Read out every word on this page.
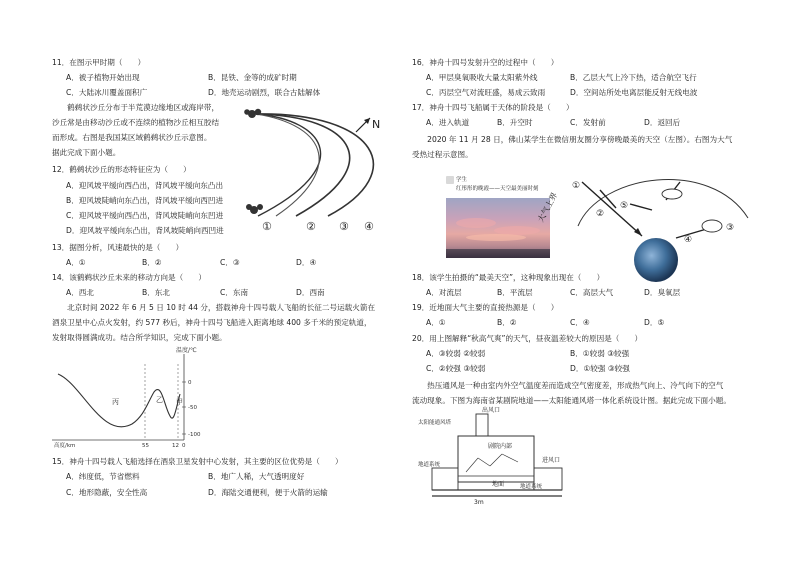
11．在图示甲时期（　　）
A．被子植物开始出现	B．昆铁、金等的成矿时期
C．大陆冰川覆盖面积广	D．地壳运动剧烈，联合古陆解体
　　鹤鹈状沙丘分布于半荒漠边缘地区或海岸带，
沙丘常是由移动沙丘或不连续的植物沙丘相互胶结
而形成。右图是我国某区域鹤鹈状沙丘示意图。
据此完成下面小题。
12．鹤鹈状沙丘的形态特征应为（　　）
A．迎风坡平缓向西凸出，背风坡平缓向东凸出
B．迎风坡陡峭向东凸出，背风坡平缓向西凹进
C．迎风坡平缓向西凸出，背风坡陡峭向东凹进
D．迎风坡平缓向东凸出，背风坡陡峭向西凹进
N
①	② ③ ④
13．据图分析，风速最快的是（　　）
A．①	B．②	C．③	D．④
14．该鹤鹈状沙丘未来的移动方向是（　　）
A．西北	B．东北	C．东南	D．西南
　　北京时间 2022 年 6 月 5 日 10 时 44 分，搭载神舟十四号载人飞船的长征二号运载火箭在
酒泉卫星中心点火发射，约 577 秒后，神舟十四号飞船进入距离地球 400 多千米的预定轨道，
发射取得圆满成功。结合所学知识，完成下面小题。
温度/℃
0
-50
-100
丙	乙 甲
高度/km	55	12 0
15．神舟十四号载人飞船选择在酒泉卫星发射中心发射，其主要的区位优势是（　　）
A．纬度低，节省燃料	B．地广人稀，大气透明度好
C．地形隐蔽，安全性高	D．海陆交通便利，便于火箭的运输
16．神舟十四号发射升空的过程中（　　）
A．甲层臭氧吸收大量太阳紫外线	B．乙层大气上冷下热，适合航空飞行
C．丙层空气对流旺盛，易成云致雨	D．空间站所处电离层能反射无线电波
17．神舟十四号飞船属于天体的阶段是（　　）
A．进入轨道	B．升空时	C．发射前	D．返回后
　　2020 年 11 月 28 日，佛山某学生在微信朋友圈分享傍晚最美的天空（左图）。右图为大气
受热过程示意图。
学生
红彤彤的晚霞——天空最美丽时刻	①
②
⑤
④
③
大气上界
18．该学生拍摄的“最美天空”，这种现象出现在（　　）
A．对流层	B．平流层	C．高层大气	D．臭氧层
19．近地面大气主要的直接热源是（　　）
A．①	B．②	C．④	D．⑤
20．用上图解释“秋高气爽”的天气，昼夜温差较大的原因是（　　）
A．③较弱 ②较弱	B．①较弱 ③较强
C．②较强 ③较弱	D．①较强 ③较强
　　热压通风是一种由室内外空气温度差而造成空气密度差，形成热气向上、冷气向下的空气
流动现象。下图为海南省某剧院地道——太阳能通风塔一体化系统设计图。据此完成下面小题。
出风口
太阳能通风塔
剧院内部
地面
地道系统
进风口
地道系统
3m
